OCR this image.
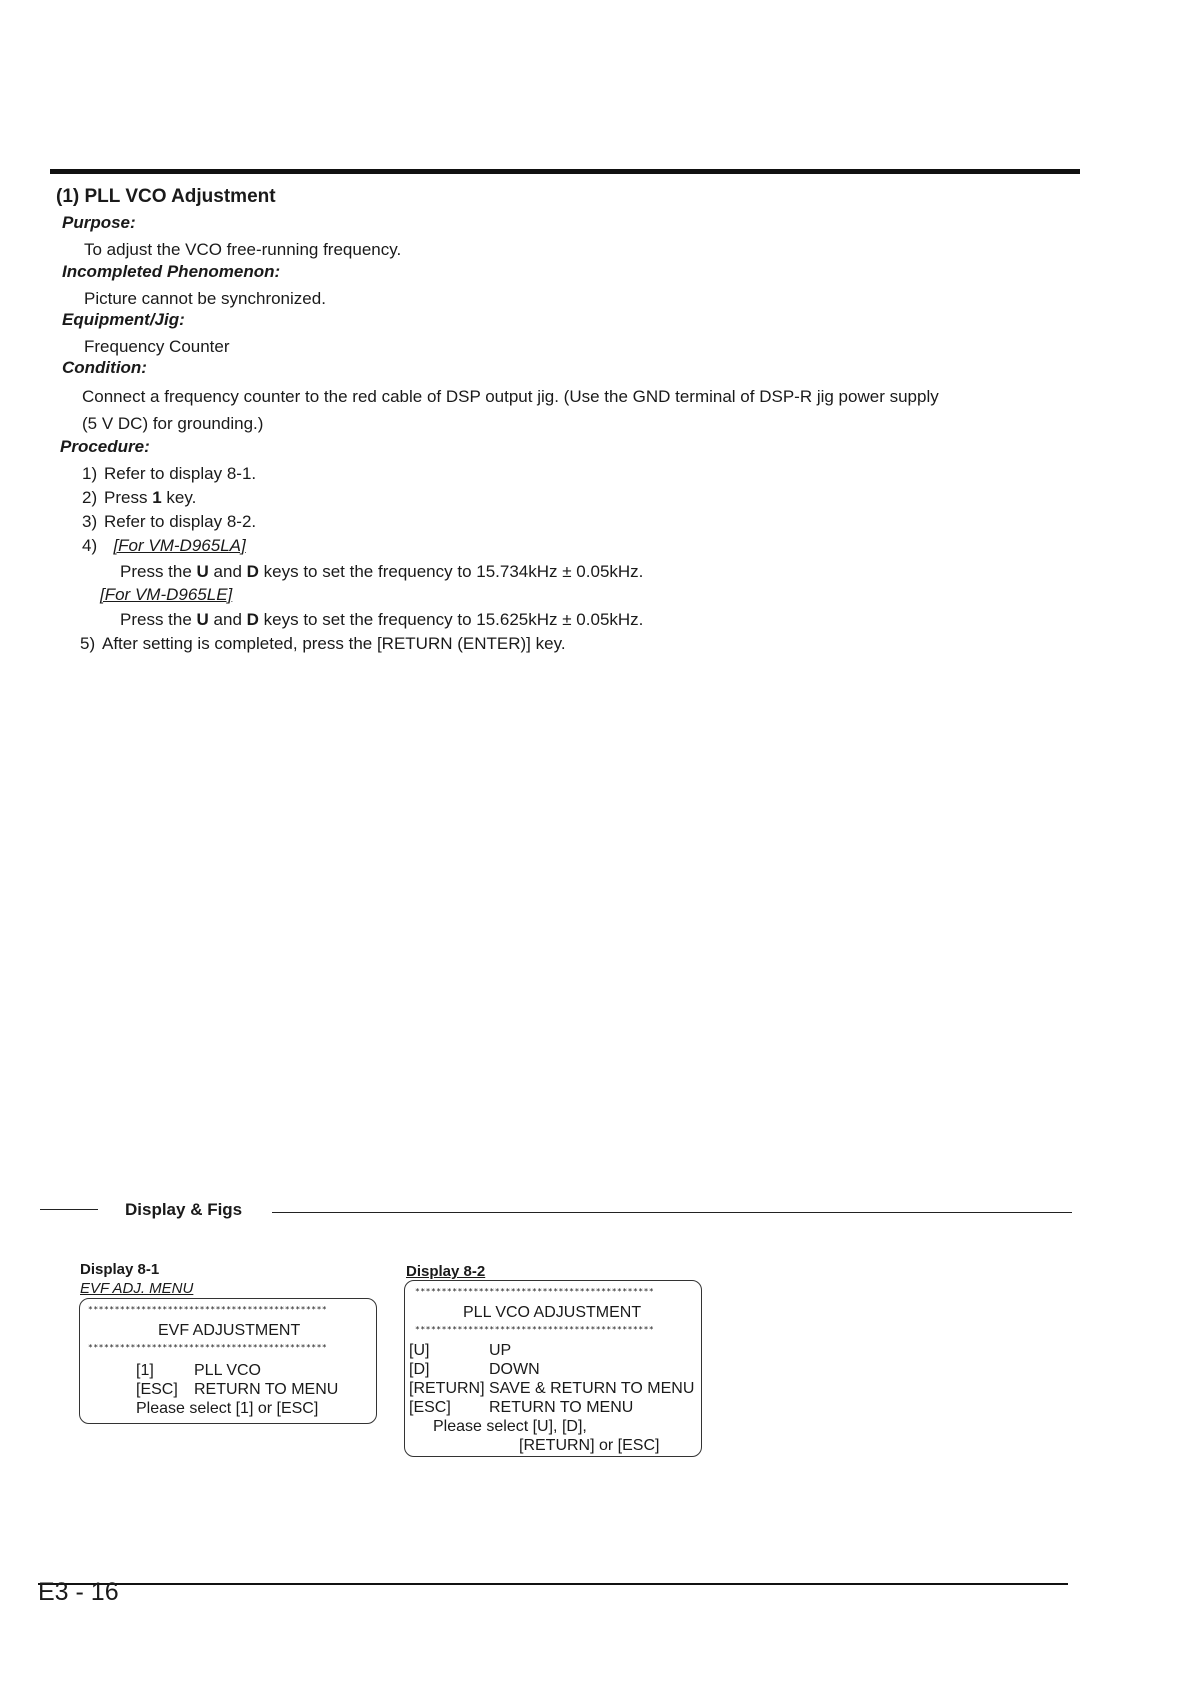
(1) PLL VCO Adjustment
Purpose:
To adjust the VCO free-running frequency.
Incompleted Phenomenon:
Picture cannot be synchronized.
Equipment/Jig:
Frequency Counter
Condition:
Connect a frequency counter to the red cable of DSP output jig. (Use the GND terminal of DSP-R jig power supply
(5 V DC) for grounding.)
Procedure:
1) Refer to display 8-1.
2) Press 1 key.
3) Refer to display 8-2.
4) [For VM-D965LA]
Press the U and D keys to set the frequency to 15.734kHz ± 0.05kHz.
[For VM-D965LE]
Press the U and D keys to set the frequency to 15.625kHz ± 0.05kHz.
5) After setting is completed, press the [RETURN (ENTER)] key.
Display & Figs
Display 8-1
EVF ADJ. MENU
*********************************************
EVF ADJUSTMENT
*********************************************
[1]	PLL VCO
[ESC] RETURN TO MENU
Please select [1] or [ESC]
Display 8-2
*********************************************
PLL VCO ADJUSTMENT
*********************************************
[U]	UP
[D]	DOWN
[RETURN] SAVE & RETURN TO MENU
[ESC] RETURN TO MENU
Please select [U], [D],
[RETURN] or [ESC]
E3 - 16
